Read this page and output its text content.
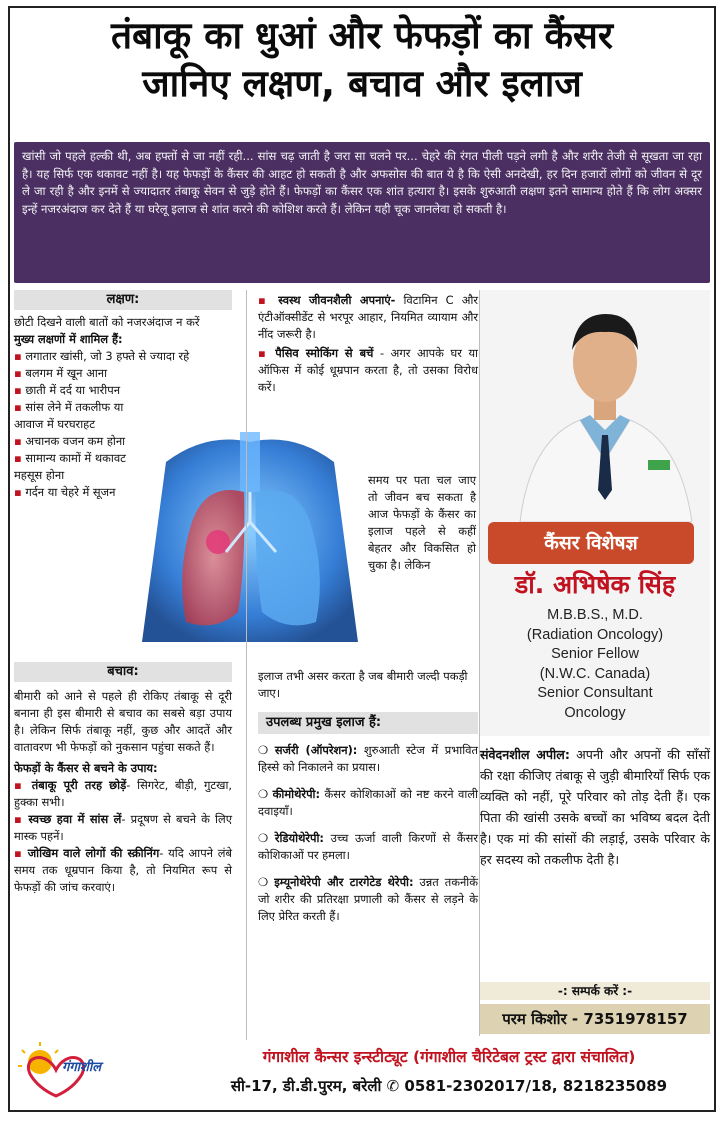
तंबाकू का धुआं और फेफड़ों का कैंसर
जानिए लक्षण, बचाव और इलाज
खांसी जो पहले हल्की थी, अब हफ्तों से जा नहीं रही... सांस चढ़ जाती है जरा सा चलने पर... चेहरे की रंगत पीली पड़ने लगी है और शरीर तेजी से सूखता जा रहा है। यह सिर्फ एक थकावट नहीं है। यह फेफड़ों के कैंसर की आहट हो सकती है और अफसोस की बात ये है कि ऐसी अनदेखी, हर दिन हजारों लोगों को जीवन से दूर ले जा रही है और इनमें से ज्यादातर तंबाकू सेवन से जुड़े होते हैं। फेफड़ों का कैंसर एक शांत हत्यारा है। इसके शुरुआती लक्षण इतने सामान्य होते हैं कि लोग अक्सर इन्हें नजरअंदाज कर देते हैं या घरेलू इलाज से शांत करने की कोशिश करते हैं। लेकिन यही चूक जानलेवा हो सकती है।
लक्षण:
छोटी दिखने वाली बातों को नजरअंदाज न करें
मुख्य लक्षणों में शामिल हैं:
▪ लगातार खांसी, जो 3 हफ्ते से ज्यादा रहे
▪ बलगम में खून आना
▪ छाती में दर्द या भारीपन
▪ सांस लेने में तकलीफ या आवाज में घरघराहट
▪ अचानक वजन कम होना
▪ सामान्य कामों में थकावट महसूस होना
▪ गर्दन या चेहरे में सूजन
▪ स्वस्थ जीवनशैली अपनाएं- विटामिन C और एंटीऑक्सीडेंट से भरपूर आहार, नियमित व्यायाम और नींद जरूरी है।
▪ पैसिव स्मोकिंग से बचें - अगर आपके घर या ऑफिस में कोई धूम्रपान करता है, तो उसका विरोध करें।
समय पर पता चल जाए तो जीवन बच सकता है आज फेफड़ों के कैंसर का इलाज पहले से कहीं बेहतर और विकसित हो चुका है। लेकिन
इलाज तभी असर करता है जब बीमारी जल्दी पकड़ी जाए।
बचाव:
बीमारी को आने से पहले ही रोकिए तंबाकू से दूरी बनाना ही इस बीमारी से बचाव का सबसे बड़ा उपाय है। लेकिन सिर्फ तंबाकू नहीं, कुछ और आदतें और वातावरण भी फेफड़ों को नुकसान पहुंचा सकते हैं।
फेफड़ों के कैंसर से बचने के उपाय:
▪ तंबाकू पूरी तरह छोड़ें- सिगरेट, बीड़ी, गुटखा, हुक्का सभी।
▪ स्वच्छ हवा में सांस लें- प्रदूषण से बचने के लिए मास्क पहनें।
▪ जोखिम वाले लोगों की स्क्रीनिंग- यदि आपने लंबे समय तक धूम्रपान किया है, तो नियमित रूप से फेफड़ों की जांच करवाएं।
उपलब्ध प्रमुख इलाज हैं:
❍ सर्जरी (ऑपरेशन): शुरुआती स्टेज में प्रभावित हिस्से को निकालने का प्रयास।
❍ कीमोथेरेपी: कैंसर कोशिकाओं को नष्ट करने वाली दवाइयाँ।
❍ रेडियोथेरेपी: उच्च ऊर्जा वाली किरणों से कैंसर कोशिकाओं पर हमला।
❍ इम्यूनोथेरेपी और टारगेटेड थेरेपी: उन्नत तकनीकें जो शरीर की प्रतिरक्षा प्रणाली को कैंसर से लड़ने के लिए प्रेरित करती हैं।
कैंसर विशेषज्ञ
डॉ. अभिषेक सिंह
M.B.B.S., M.D.
(Radiation Oncology)
Senior Fellow
(N.W.C. Canada)
Senior Consultant
Oncology
संवेदनशील अपील: अपनी और अपनों की साँसों की रक्षा कीजिए तंबाकू से जुड़ी बीमारियाँ सिर्फ एक व्यक्ति को नहीं, पूरे परिवार को तोड़ देती हैं। एक पिता की खांसी उसके बच्चों का भविष्य बदल देती है। एक मां की सांसों की लड़ाई, उसके परिवार के हर सदस्य को तकलीफ देती है।
-: सम्पर्क करें :-
परम किशोर - 7351978157
गंगाशील
गंगाशील कैन्सर इन्स्टीट्यूट (गंगाशील चैरिटेबल ट्रस्ट द्वारा संचालित)
सी-17, डी.डी.पुरम, बरेली ✆ 0581-2302017/18, 8218235089
